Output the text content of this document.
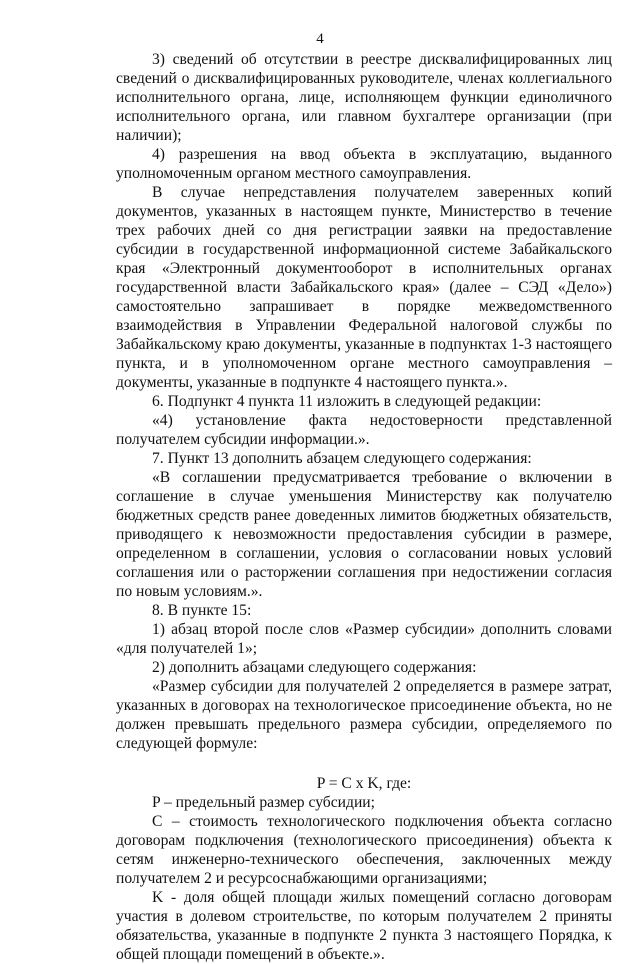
4

3) сведений об отсутствии в реестре дисквалифицированных лиц сведений о дисквалифицированных руководителе, членах коллегиального исполнительного органа, лице, исполняющем функции единоличного исполнительного органа, или главном бухгалтере организации (при наличии);

4) разрешения на ввод объекта в эксплуатацию, выданного уполномоченным органом местного самоуправления.

В случае непредставления получателем заверенных копий документов, указанных в настоящем пункте, Министерство в течение трех рабочих дней со дня регистрации заявки на предоставление субсидии в государственной информационной системе Забайкальского края «Электронный документооборот в исполнительных органах государственной власти Забайкальского края» (далее – СЭД «Дело») самостоятельно запрашивает в порядке межведомственного взаимодействия в Управлении Федеральной налоговой службы по Забайкальскому краю документы, указанные в подпунктах 1-3 настоящего пункта, и в уполномоченном органе местного самоуправления – документы, указанные в подпункте 4 настоящего пункта.».

6. Подпункт 4 пункта 11 изложить в следующей редакции:

«4) установление факта недостоверности представленной получателем субсидии информации.».

7. Пункт 13 дополнить абзацем следующего содержания:

«В соглашении предусматривается требование о включении в соглашение в случае уменьшения Министерству как получателю бюджетных средств ранее доведенных лимитов бюджетных обязательств, приводящего к невозможности предоставления субсидии в размере, определенном в соглашении, условия о согласовании новых условий соглашения или о расторжении соглашения при недостижении согласия по новым условиям.».

8. В пункте 15:

1) абзац второй после слов «Размер субсидии» дополнить словами «для получателей 1»;

2) дополнить абзацами следующего содержания:

«Размер субсидии для получателей 2 определяется в размере затрат, указанных в договорах на технологическое присоединение объекта, но не должен превышать предельного размера субсидии, определяемого по следующей формуле:

P = C x K, где:

P – предельный размер субсидии;

C – стоимость технологического подключения объекта согласно договорам подключения (технологического присоединения) объекта к сетям инженерно-технического обеспечения, заключенных между получателем 2 и ресурсоснабжающими организациями;

K - доля общей площади жилых помещений согласно договорам участия в долевом строительстве, по которым получателем 2 приняты обязательства, указанные в подпункте 2 пункта 3 настоящего Порядка, к общей площади помещений в объекте.».
